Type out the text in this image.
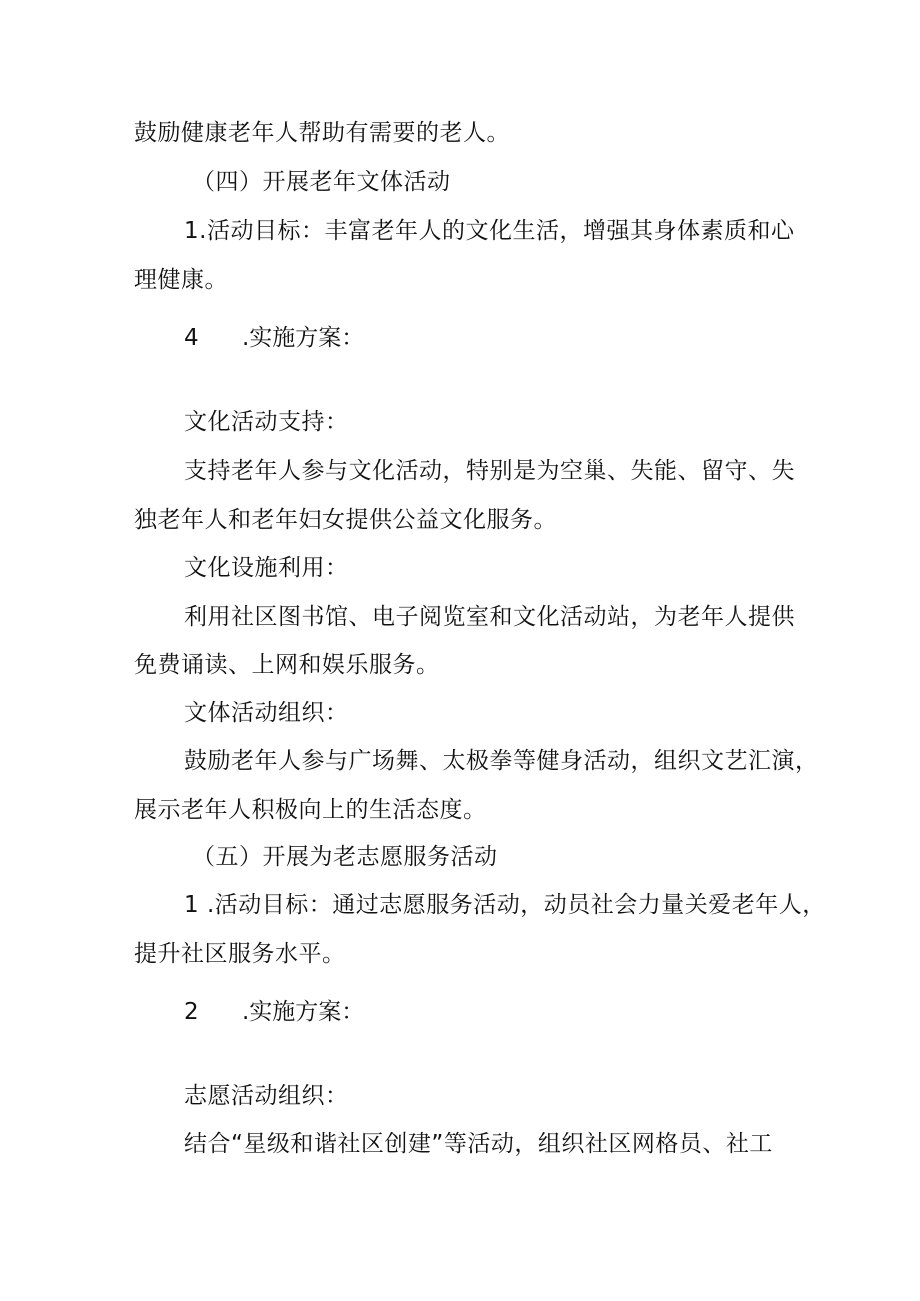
鼓励健康老年人帮助有需要的老人。
（四）开展老年文体活动
1.活动目标：丰富老年人的文化生活，增强其身体素质和心
理健康。
4 .实施方案：
文化活动支持：
支持老年人参与文化活动，特别是为空巢、失能、留守、失
独老年人和老年妇女提供公益文化服务。
文化设施利用：
利用社区图书馆、电子阅览室和文化活动站，为老年人提供
免费诵读、上网和娱乐服务。
文体活动组织：
鼓励老年人参与广场舞、太极拳等健身活动，组织文艺汇演，
展示老年人积极向上的生活态度。
（五）开展为老志愿服务活动
1 .活动目标：通过志愿服务活动，动员社会力量关爱老年人，
提升社区服务水平。
2 .实施方案：
志愿活动组织：
结合“星级和谐社区创建”等活动，组织社区网格员、社工
